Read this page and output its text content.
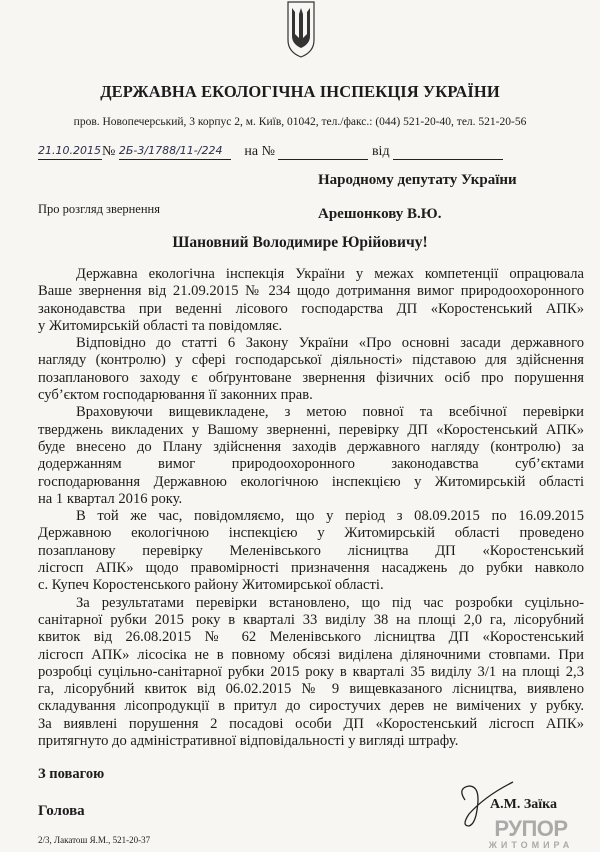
ДЕРЖАВНА ЕКОЛОГІЧНА ІНСПЕКЦІЯ УКРАЇНИ
пров. Новопечерський, 3 корпус 2, м. Київ, 01042, тел./факс.: (044) 521-20-40, тел. 521-20-56
21.10.2015№ 2Б-3/1788/11-/224 на №	від
Народному депутату України
Арешонкову В.Ю.
Про розгляд звернення
Шановний Володимире Юрійовичу!
Державна екологічна інспекція України у межах компетенції опрацювала
Ваше звернення від 21.09.2015 № 234 щодо дотримання вимог природоохоронного
законодавства при веденні лісового господарства ДП «Коростенський АПК»
у Житомирській області та повідомляє.
Відповідно до статті 6 Закону України «Про основні засади державного
нагляду (контролю) у сфері господарської діяльності» підставою для здійснення
позапланового заходу є обґрунтоване звернення фізичних осіб про порушення
суб’єктом господарювання її законних прав.
Враховуючи вищевикладене, з метою повної та всебічної перевірки
тверджень викладених у Вашому зверненні, перевірку ДП «Коростенський АПК»
буде внесено до Плану здійснення заходів державного нагляду (контролю) за
додержанням вимог природоохоронного законодавства суб’єктами
господарювання Державною екологічною інспекцією у Житомирській області
на 1 квартал 2016 року.
В той же час, повідомляємо, що у період з 08.09.2015 по 16.09.2015
Державною екологічною інспекцією у Житомирській області проведено
позапланову перевірку Меленівського лісництва ДП «Коростенський
лісгосп АПК» щодо правомірності призначення насаджень до рубки навколо
с. Купеч Коростенського району Житомирської області.
За результатами перевірки встановлено, що під час розробки суцільно-
санітарної рубки 2015 року в кварталі 33 виділу 38 на площі 2,0 га, лісорубний
квиток від 26.08.2015 № 62 Меленівського лісництва ДП «Коростенський
лісгосп АПК» лісосіка не в повному обсязі виділена діляночними стовпами. При
розробці суцільно-санітарної рубки 2015 року в кварталі 35 виділу 3/1 на площі 2,3
га, лісорубний квиток від 06.02.2015 № 9 вищевказаного лісництва, виявлено
складування лісопродукції в притул до сиростучих дерев не вимічених у рубку.
За виявлені порушення 2 посадові особи ДП «Коростенський лісгосп АПК»
притягнуто до адміністративної відповідальності у вигляді штрафу.
З повагою
Голова	А.М. Заїка
РУПОР
ЖИТОМИРА
2/3, Лакатош Я.М., 521-20-37
